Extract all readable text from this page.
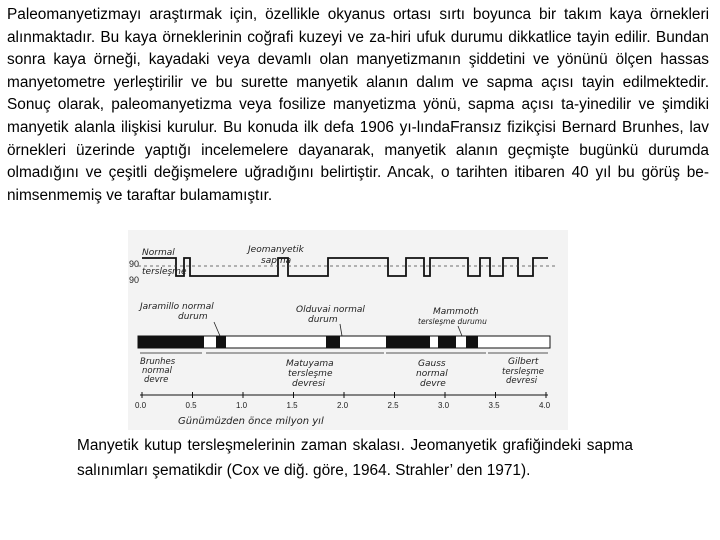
Paleomanyetizmayı araştırmak için, özellikle okyanus ortası sırtı boyunca bir takım kaya örnekleri alınmaktadır. Bu kaya örneklerinin coğrafi kuzeyi ve za-hiri ufuk durumu dikkatlice tayin edilir. Bundan sonra kaya örneği, kayadaki veya devamlı olan manyetizmanın şiddetini ve yönünü ölçen hassas manyetometre yerleştirilir ve bu surette manyetik alanın dalım ve sapma açısı tayin edilmektedir. Sonuç olarak, paleomanyetizma veya fosilize manyetizma yönü, sapma açısı ta-yinedilir ve şimdiki manyetik alanla ilişkisi kurulur. Bu konuda ilk defa 1906 yı-lındaFransız fizikçisi Bernard Brunhes, lav örnekleri üzerinde yaptığı incelemelere dayanarak, manyetik alanın geçmişte bugünkü durumda olmadığını ve çeşitli değişmelere uğradığını belirtiştir. Ancak, o tarihten itibaren 40 yıl bu görüş be-nimsenmemiş ve taraftar bulamamıştır.

90
90
Normal
tersleşme
Jeomanyetik
sapma
Jaramillo normal
durum
Olduvai normal
durum
Mammoth
tersleşme durumu
Brunhes
normal
devre
Matuyama
tersleşme
devresi
Gauss
normal
devre
Gilbert
tersleşme
devresi
0.0	0.5	1.0	1.5	2.0	2.5	3.0	3.5	4.0
Günümüzden önce milyon yıl

Manyetik kutup tersleşmelerinin zaman skalası. Jeomanyetik grafiğindeki sapma salınımları şematikdir (Cox ve diğ. göre, 1964. Strahler’ den 1971).
